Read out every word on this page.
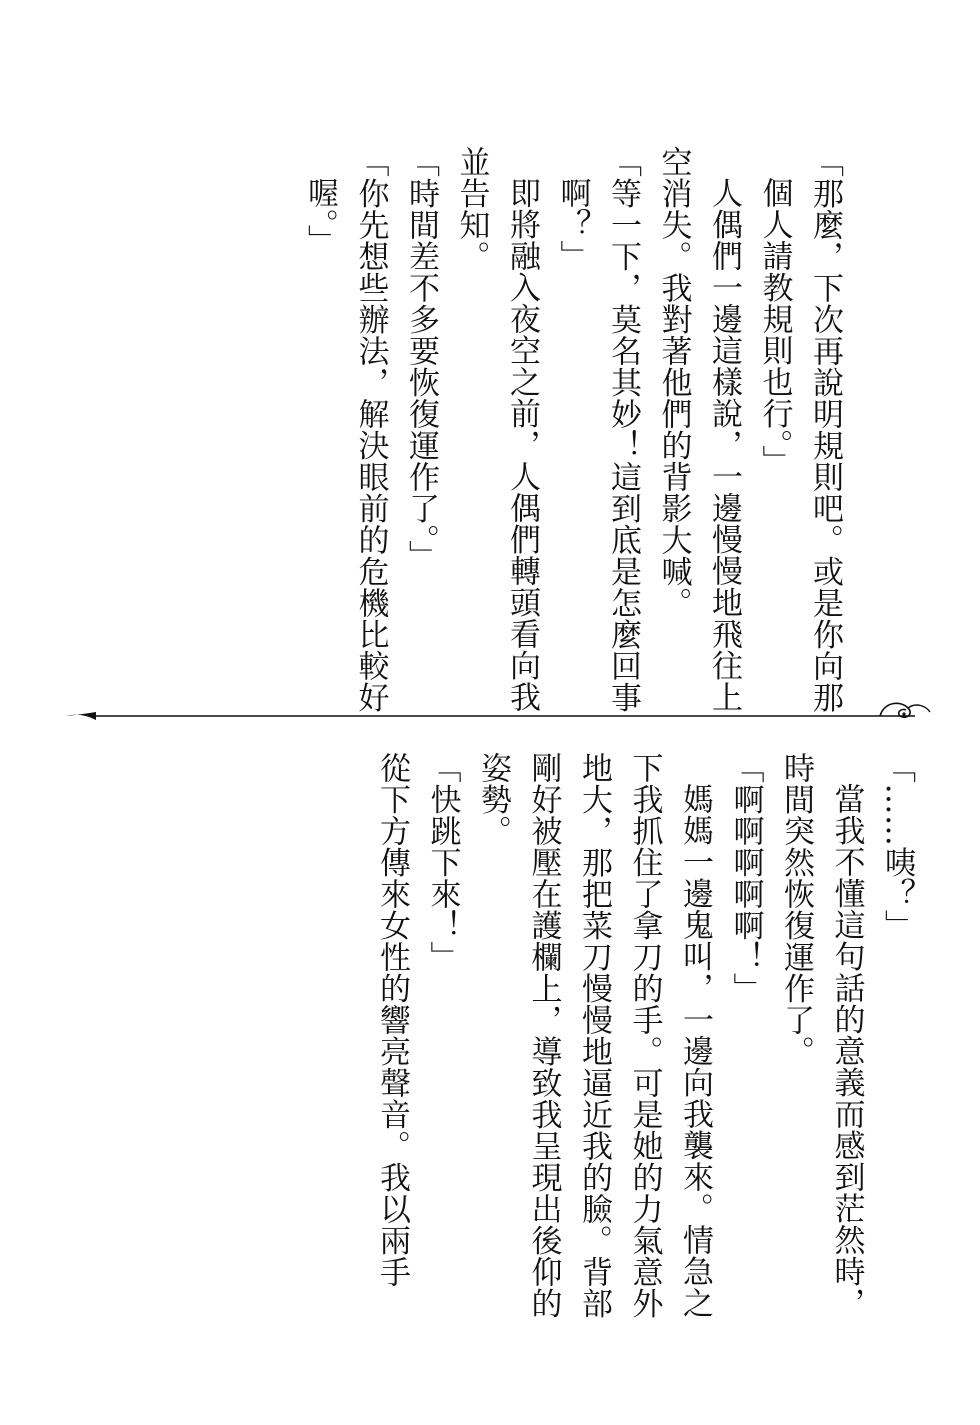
「那麼，下次再說明規則吧。或是你向那
個人請教規則也行。」
人偶們一邊這樣說，一邊慢慢地飛往上
空消失。我對著他們的背影大喊。
「等一下，莫名其妙！這到底是怎麼回事
啊？」
即將融入夜空之前，人偶們轉頭看向我
並告知。
「時間差不多要恢復運作了。」
「你先想些辦法，解決眼前的危機比較好
喔。」
「……咦？」
當我不懂這句話的意義而感到茫然時，
時間突然恢復運作了。
「啊啊啊啊啊！」
媽媽一邊鬼叫，一邊向我襲來。情急之
下我抓住了拿刀的手。可是她的力氣意外
地大，那把菜刀慢慢地逼近我的臉。背部
剛好被壓在護欄上，導致我呈現出後仰的
姿勢。
「快跳下來！」
從下方傳來女性的響亮聲音。我以兩手
